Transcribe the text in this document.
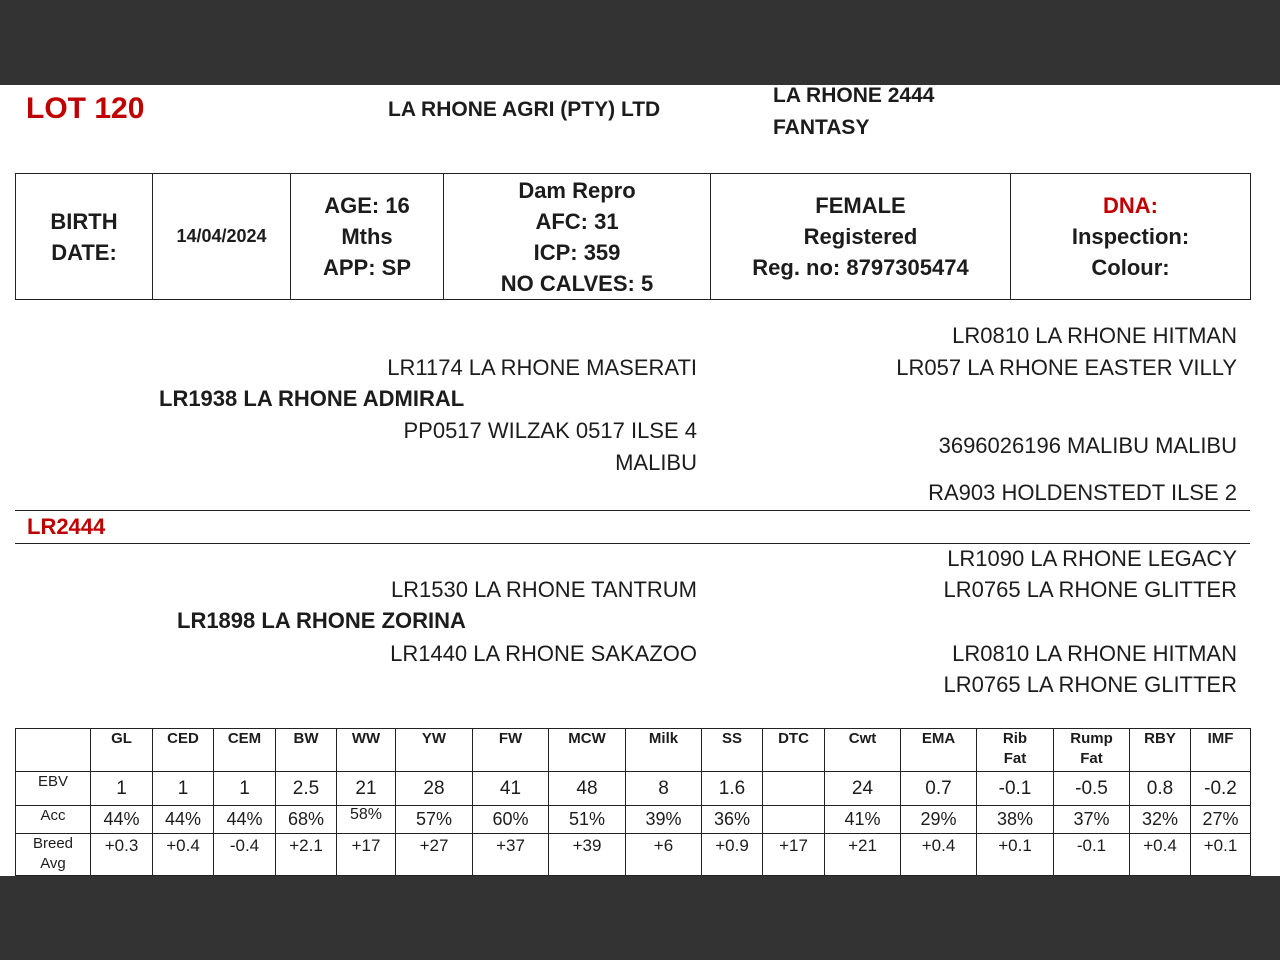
LOT 120	LA RHONE AGRI (PTY) LTD
LA RHONE 2444
FANTASY
BIRTH
DATE:
	14/04/2024	
AGE: 16
Mths
APP: SP

Dam Repro
AFC: 31
ICP: 359
NO CALVES: 5

FEMALE
Registered
Reg. no: 8797305474

DNA:
Inspection:
Colour:
LR0810 LA RHONE HITMAN
LR1174 LA RHONE MASERATI	LR057 LA RHONE EASTER VILLY
LR1938 LA RHONE ADMIRAL
PP0517 WILZAK 0517 ILSE 4
MALIBU
3696026196 MALIBU MALIBU
RA903 HOLDENSTEDT ILSE 2
LR2444
LR1090 LA RHONE LEGACY
LR1530 LA RHONE TANTRUM	LR0765 LA RHONE GLITTER
LR1898 LA RHONE ZORINA
LR1440 LA RHONE SAKAZOO	LR0810 LA RHONE HITMAN
LR0765 LA RHONE GLITTER
	GL	CED	CEM	BW	WW	YW	FW	MCW	Milk	SS	DTC	Cwt	EMA	Rib Fat	Rump Fat	RBY	IMF
EBV	1	1	1	2.5	21	28	41	48	8	1.6		24	0.7	-0.1	-0.5	0.8	-0.2
Acc	44%	44%	44%	68%	58%	57%	60%	51%	39%	36%		41%	29%	38%	37%	32%	27%
Breed Avg	+0.3	+0.4	-0.4	+2.1	+17	+27	+37	+39	+6	+0.9	+17	+21	+0.4	+0.1	-0.1	+0.4	+0.1
